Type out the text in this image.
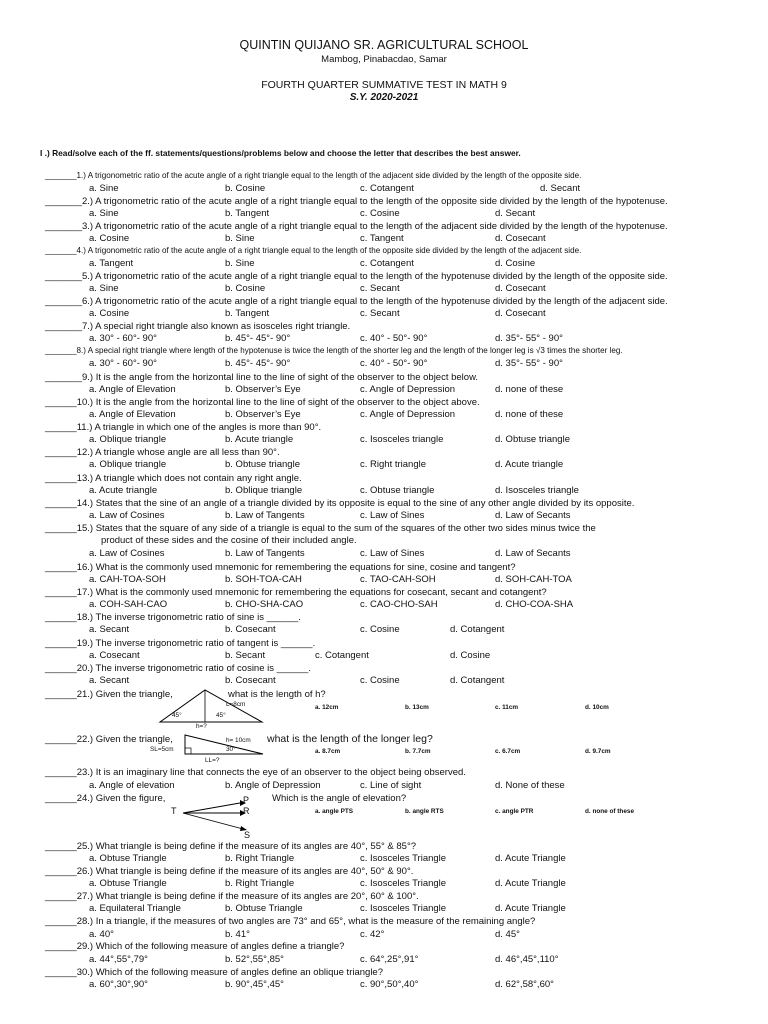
QUINTIN QUIJANO SR. AGRICULTURAL SCHOOL
Mambog, Pinabacdao, Samar
FOURTH QUARTER SUMMATIVE TEST IN MATH 9
S.Y. 2020-2021
I .) Read/solve each of the ff. statements/questions/problems below and choose the letter that describes the best answer.
_______1.) A trigonometric ratio of the acute angle of a right triangle equal to the length of the adjacent side divided by the length of the opposite side.
a. Sine	b. Cosine	c. Cotangent	d. Secant
_______2.) A trigonometric ratio of the acute angle of a right triangle equal to the length of the opposite side divided by the length of the hypotenuse.
a. Sine	b. Tangent	c. Cosine	d. Secant
_______3.) A trigonometric ratio of the acute angle of a right triangle equal to the length of the adjacent side divided by the length of the hypotenuse.
a. Cosine	b. Sine	c. Tangent	d. Cosecant
_______4.) A trigonometric ratio of the acute angle of a right triangle equal to the length of the opposite side divided by the length of the adjacent side.
a. Tangent	b. Sine	c. Cotangent	d. Cosine
_______5.) A trigonometric ratio of the acute angle of a right triangle equal to the length of the hypotenuse divided by the length of the opposite side.
a. Sine	b. Cosine	c. Secant	d. Cosecant
_______6.) A trigonometric ratio of the acute angle of a right triangle equal to the length of the hypotenuse divided by the length of the adjacent side.
a. Cosine	b. Tangent	c. Secant	d. Cosecant
_______7.) A special right triangle also known as isosceles right triangle.
a. 30° - 60°- 90°	b. 45°- 45°- 90°	c. 40° - 50°- 90°	d. 35°- 55° - 90°
_______8.) A special right triangle where length of the hypotenuse is twice the length of the shorter leg and the length of the longer leg is √3 times the shorter leg.
a. 30° - 60°- 90°	b. 45°- 45°- 90°	c. 40° - 50°- 90°	d. 35°- 55° - 90°
_______9.) It is the angle from the horizontal line to the line of sight of the observer to the object below.
a. Angle of Elevation	b. Observer’s Eye	c. Angle of Depression	d. none of these
______10.) It is the angle from the horizontal line to the line of sight of the observer to the object above.
a. Angle of Elevation	b. Observer’s Eye	c. Angle of Depression	d. none of these
______11.) A triangle in which one of the angles is more than 90°.
a. Oblique triangle	b. Acute triangle	c. Isosceles triangle	d. Obtuse triangle
______12.) A triangle whose angle are all less than 90°.
a. Oblique triangle	b. Obtuse triangle	c. Right triangle	d. Acute triangle
______13.) A triangle which does not contain any right angle.
a. Acute triangle	b. Oblique triangle	c. Obtuse triangle	d. Isosceles triangle
______14.) States that the sine of an angle of a triangle divided by its opposite is equal to the sine of any other angle divided by its opposite.
a. Law of Cosines	b. Law of Tangents	c. Law of Sines	d. Law of Secants
______15.) States that the square of any side of a triangle is equal to the sum of the squares of the other two sides minus twice the
product of these sides and the cosine of their included angle.
a. Law of Cosines	b. Law of Tangents	c. Law of Sines	d. Law of Secants
______16.) What is the commonly used mnemonic for remembering the equations for sine, cosine and tangent?
a. CAH-TOA-SOH	b. SOH-TOA-CAH	c. TAO-CAH-SOH	d. SOH-CAH-TOA
______17.) What is the commonly used mnemonic for remembering the equations for cosecant, secant and cotangent?
a. COH-SAH-CAO	b. CHO-SHA-CAO	c. CAO-CHO-SAH	d. CHO-COA-SHA
______18.) The inverse trigonometric ratio of sine is ______.
a. Secant	b. Cosecant	c. Cosine	d. Cotangent
______19.) The inverse trigonometric ratio of tangent is ______.
a. Cosecant	b. Secant	c. Cotangent	d. Cosine
______20.) The inverse trigonometric ratio of cosine is ______.
a. Secant	b. Cosecant	c. Cosine	d. Cotangent
______21.) Given the triangle,	what is the length of h?
a. 12cm	b. 13cm	c. 11cm	d. 10cm
______22.) Given the triangle,	what is the length of the longer leg?
a. 8.7cm	b. 7.7cm	c. 6.7cm	d. 9.7cm
______23.) It is an imaginary line that connects the eye of an observer to the object being observed.
a. Angle of elevation	b. Angle of Depression	c. Line of sight	d. None of these
______24.) Given the figure,	Which is the angle of elevation?
a. angle PTS	b. angle RTS	c. angle PTR	d. none of these
______25.) What triangle is being define if the measure of its angles are 40°, 55° & 85°?
a. Obtuse Triangle	b. Right Triangle	c. Isosceles Triangle	d. Acute Triangle
______26.) What triangle is being define if the measure of its angles are 40°, 50° & 90°.
a. Obtuse Triangle	b. Right Triangle	c. Isosceles Triangle	d. Acute Triangle
______27.) What triangle is being define if the measure of its angles are 20°, 60° & 100°.
a. Equilateral Triangle	b. Obtuse Triangle	c. Isosceles Triangle	d. Acute Triangle
______28.) In a triangle, if the measures of two angles are 73° and 65°, what is the measure of the remaining angle?
a. 40°	b. 41°	c. 42°	d. 45°
______29.) Which of the following measure of angles define a triangle?
a. 44°,55°,79°	b. 52°,55°,85°	c. 64°,25°,91°	d. 46°,45°,110°
______30.) Which of the following measure of angles define an oblique triangle?
a. 60°,30°,90°	b. 90°,45°,45°	c. 90°,50°,40°	d. 62°,58°,60°
L=8cm
45°	45°
h=?
h= 10cm
SL=5cm	30°
LL=?
T
P
R
S
